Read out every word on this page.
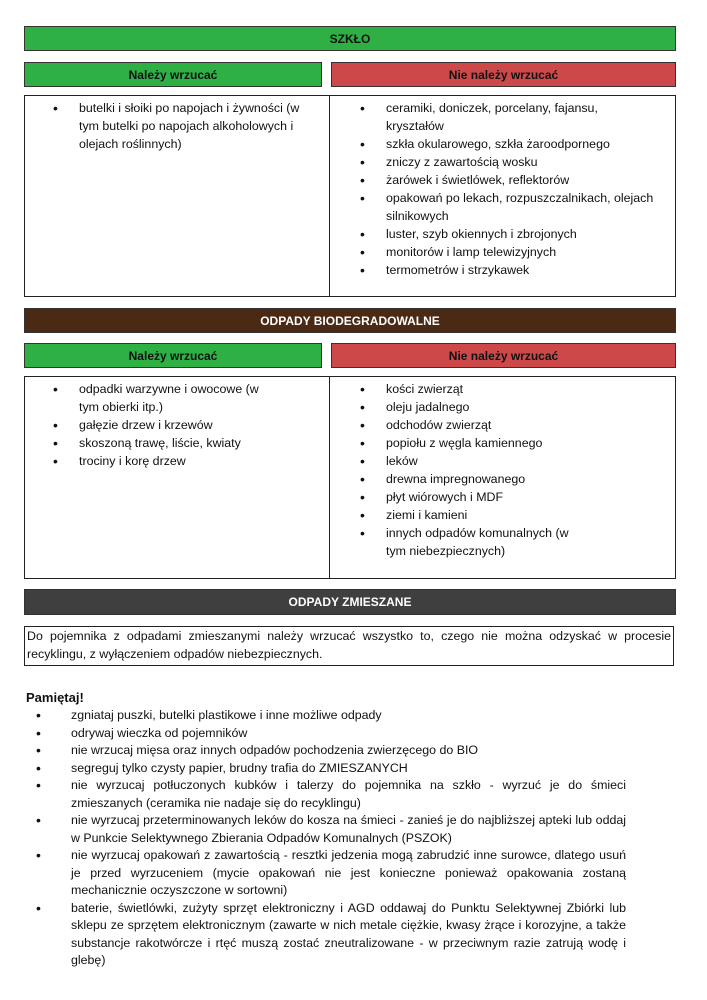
SZKŁO
Należy wrzucać	Nie należy wrzucać
• butelki i słoiki po napojach i żywności (w tym butelki po napojach alkoholowych i olejach roślinnych)
• ceramiki, doniczek, porcelany, fajansu, kryształów
• szkła okularowego, szkła żaroodpornego
• zniczy z zawartością wosku
• żarówek i świetlówek, reflektorów
• opakowań po lekach, rozpuszczalnikach, olejach silnikowych
• luster, szyb okiennych i zbrojonych
• monitorów i lamp telewizyjnych
• termometrów i strzykawek
ODPADY BIODEGRADOWALNE
Należy wrzucać	Nie należy wrzucać
• odpadki warzywne i owocowe (w tym obierki itp.)
• gałęzie drzew i krzewów
• skoszoną trawę, liście, kwiaty
• trociny i korę drzew
• kości zwierząt
• oleju jadalnego
• odchodów zwierząt
• popiołu z węgla kamiennego
• leków
• drewna impregnowanego
• płyt wiórowych i MDF
• ziemi i kamieni
• innych odpadów komunalnych (w tym niebezpiecznych)
ODPADY ZMIESZANE
Do pojemnika z odpadami zmieszanymi należy wrzucać wszystko to, czego nie można odzyskać w procesie recyklingu, z wyłączeniem odpadów niebezpiecznych.
Pamiętaj!
• zgniataj puszki, butelki plastikowe i inne możliwe odpady
• odrywaj wieczka od pojemników
• nie wrzucaj mięsa oraz innych odpadów pochodzenia zwierzęcego do BIO
• segreguj tylko czysty papier, brudny trafia do ZMIESZANYCH
• nie wyrzucaj potłuczonych kubków i talerzy do pojemnika na szkło - wyrzuć je do śmieci zmieszanych (ceramika nie nadaje się do recyklingu)
• nie wyrzucaj przeterminowanych leków do kosza na śmieci - zanieś je do najbliższej apteki lub oddaj w Punkcie Selektywnego Zbierania Odpadów Komunalnych (PSZOK)
• nie wyrzucaj opakowań z zawartością - resztki jedzenia mogą zabrudzić inne surowce, dlatego usuń je przed wyrzuceniem (mycie opakowań nie jest konieczne ponieważ opakowania zostaną mechanicznie oczyszczone w sortowni)
• baterie, świetlówki, zużyty sprzęt elektroniczny i AGD oddawaj do Punktu Selektywnej Zbiórki lub sklepu ze sprzętem elektronicznym (zawarte w nich metale ciężkie, kwasy żrące i korozyjne, a także substancje rakotwórcze i rtęć muszą zostać zneutralizowane - w przeciwnym razie zatrują wodę i glebę)
